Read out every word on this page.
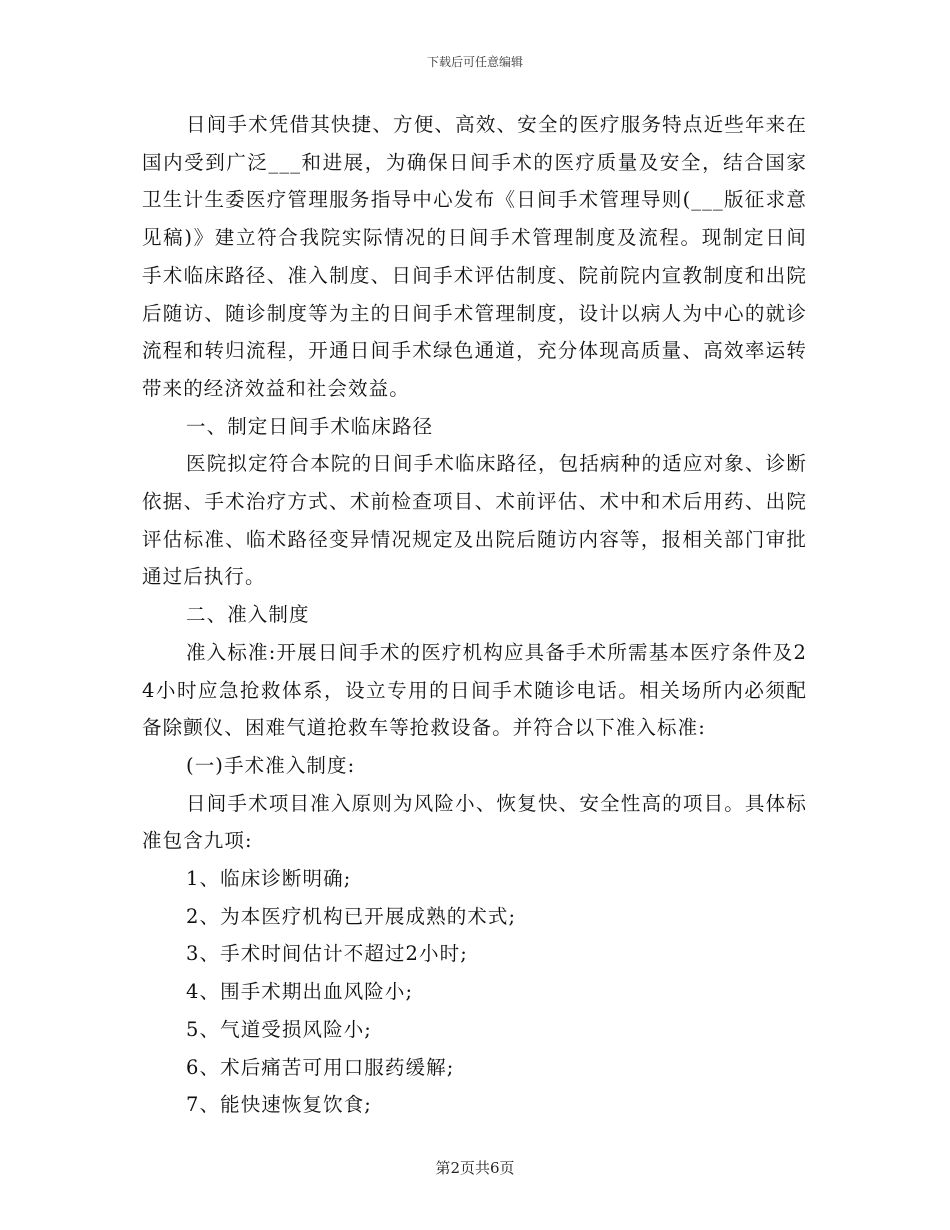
下载后可任意编辑

日间手术凭借其快捷、方便、高效、安全的医疗服务特点近些年来在国内受到广泛___和进展，为确保日间手术的医疗质量及安全，结合国家卫生计生委医疗管理服务指导中心发布《日间手术管理导则(___版征求意见稿)》建立符合我院实际情况的日间手术管理制度及流程。现制定日间手术临床路径、准入制度、日间手术评估制度、院前院内宣教制度和出院后随访、随诊制度等为主的日间手术管理制度，设计以病人为中心的就诊流程和转归流程，开通日间手术绿色通道，充分体现高质量、高效率运转带来的经济效益和社会效益。

一、制定日间手术临床路径

医院拟定符合本院的日间手术临床路径，包括病种的适应对象、诊断依据、手术治疗方式、术前检查项目、术前评估、术中和术后用药、出院评估标准、临术路径变异情况规定及出院后随访内容等，报相关部门审批通过后执行。

二、准入制度

准入标准:开展日间手术的医疗机构应具备手术所需基本医疗条件及24小时应急抢救体系，设立专用的日间手术随诊电话。相关场所内必须配备除颤仪、困难气道抢救车等抢救设备。并符合以下准入标准:

(一)手术准入制度:

日间手术项目准入原则为风险小、恢复快、安全性高的项目。具体标准包含九项:

1、临床诊断明确;

2、为本医疗机构已开展成熟的术式;

3、手术时间估计不超过2小时;

4、围手术期出血风险小;

5、气道受损风险小;

6、术后痛苦可用口服药缓解;

7、能快速恢复饮食;

第2页共6页
